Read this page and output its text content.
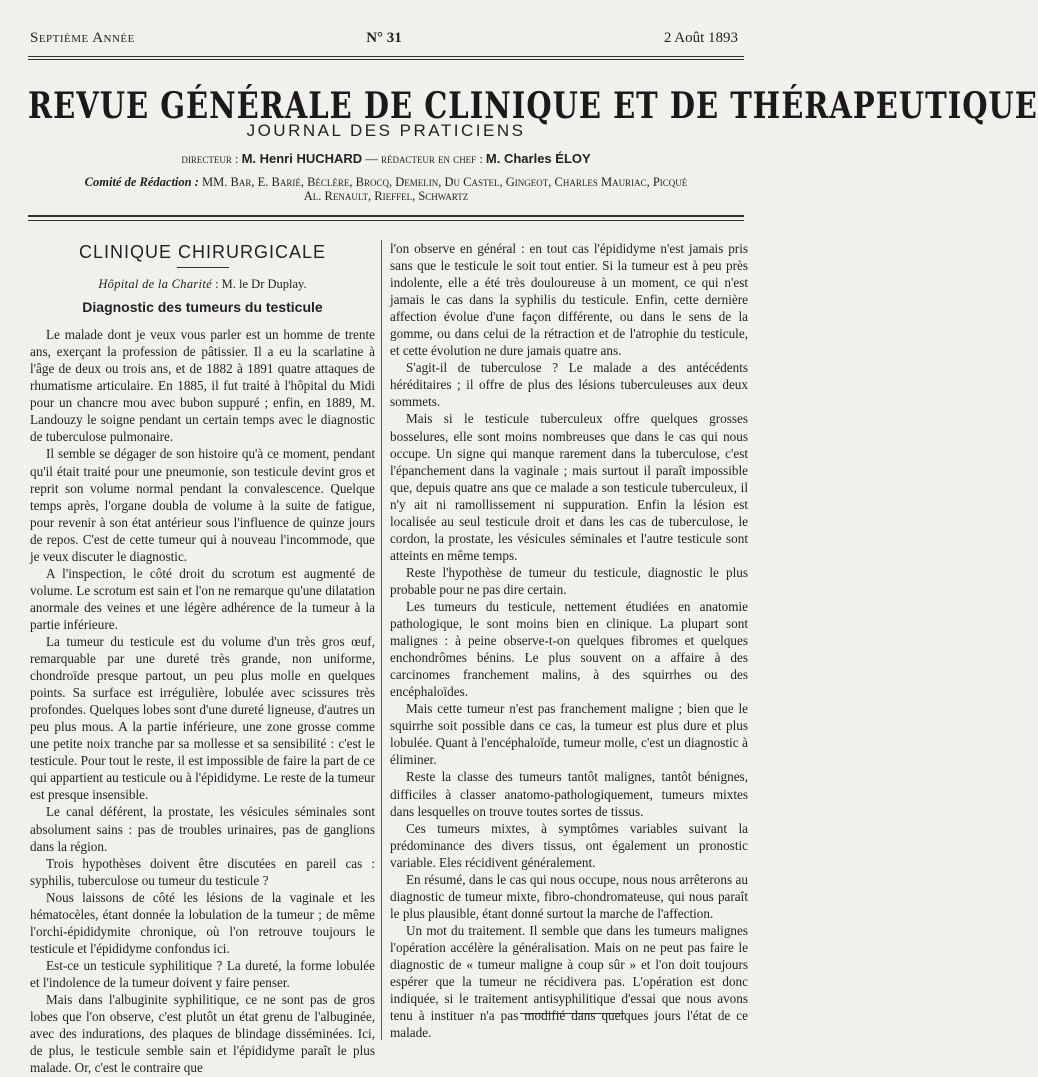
Septième Année	N° 31	2 Août 1893
REVUE GÉNÉRALE DE CLINIQUE ET DE THÉRAPEUTIQUE
JOURNAL DES PRATICIENS
directeur : M. Henri HUCHARD — rédacteur en chef : M. Charles ÉLOY
Comité de Rédaction : MM. Bar, E. Barié, Béclère, Brocq, Demelin, Du Castel, Gingeot, Charles Mauriac, Picqué
Al. Renault, Rieffel, Schwartz
CLINIQUE CHIRURGICALE
Hôpital de la Charité : M. le Dr Duplay.
Diagnostic des tumeurs du testicule

Le malade dont je veux vous parler est un homme de trente ans, exerçant la profession de pâtissier. Il a eu la scarlatine à l'âge de deux ou trois ans, et de 1882 à 1891 quatre attaques de rhumatisme articulaire. En 1885, il fut traité à l'hôpital du Midi pour un chancre mou avec bubon suppuré ; enfin, en 1889, M. Landouzy le soigne pendant un certain temps avec le diagnostic de tuberculose pulmonaire.

Il semble se dégager de son histoire qu'à ce moment, pendant qu'il était traité pour une pneumonie, son testicule devint gros et reprit son volume normal pendant la convalescence. Quelque temps après, l'organe doubla de volume à la suite de fatigue, pour revenir à son état antérieur sous l'influence de quinze jours de repos. C'est de cette tumeur qui à nouveau l'incommode, que je veux discuter le diagnostic.

A l'inspection, le côté droit du scrotum est augmenté de volume. Le scrotum est sain et l'on ne remarque qu'une dilatation anormale des veines et une légère adhérence de la tumeur à la partie inférieure.

La tumeur du testicule est du volume d'un très gros œuf, remarquable par une dureté très grande, non uniforme, chondroïde presque partout, un peu plus molle en quelques points. Sa surface est irrégulière, lobulée avec scissures très profondes. Quelques lobes sont d'une dureté ligneuse, d'autres un peu plus mous. A la partie inférieure, une zone grosse comme une petite noix tranche par sa mollesse et sa sensibilité : c'est le testicule. Pour tout le reste, il est impossible de faire la part de ce qui appartient au testicule ou à l'épididyme. Le reste de la tumeur est presque insensible.

Le canal déférent, la prostate, les vésicules séminales sont absolument sains : pas de troubles urinaires, pas de ganglions dans la région.

Trois hypothèses doivent être discutées en pareil cas : syphilis, tuberculose ou tumeur du testicule ?

Nous laissons de côté les lésions de la vaginale et les hématocèles, étant donnée la lobulation de la tumeur ; de même l'orchi-épididymite chronique, où l'on retrouve toujours le testicule et l'épididyme confondus ici.

Est-ce un testicule syphilitique ? La dureté, la forme lobulée et l'indolence de la tumeur doivent y faire penser.

Mais dans l'albuginite syphilitique, ce ne sont pas de gros lobes que l'on observe, c'est plutôt un état grenu de l'albuginée, avec des indurations, des plaques de blindage disséminées. Ici, de plus, le testicule semble sain et l'épididyme paraît le plus malade. Or, c'est le contraire que

l'on observe en général : en tout cas l'épididyme n'est jamais pris sans que le testicule le soit tout entier. Si la tumeur est à peu près indolente, elle a été très douloureuse à un moment, ce qui n'est jamais le cas dans la syphilis du testicule. Enfin, cette dernière affection évolue d'une façon différente, ou dans le sens de la gomme, ou dans celui de la rétraction et de l'atrophie du testicule, et cette évolution ne dure jamais quatre ans.

S'agit-il de tuberculose ? Le malade a des antécédents héréditaires ; il offre de plus des lésions tuberculeuses aux deux sommets.

Mais si le testicule tuberculeux offre quelques grosses bosselures, elle sont moins nombreuses que dans le cas qui nous occupe. Un signe qui manque rarement dans la tuberculose, c'est l'épanchement dans la vaginale ; mais surtout il paraît impossible que, depuis quatre ans que ce malade a son testicule tuberculeux, il n'y ait ni ramollissement ni suppuration. Enfin la lésion est localisée au seul testicule droit et dans les cas de tuberculose, le cordon, la prostate, les vésicules séminales et l'autre testicule sont atteints en même temps.

Reste l'hypothèse de tumeur du testicule, diagnostic le plus probable pour ne pas dire certain.

Les tumeurs du testicule, nettement étudiées en anatomie pathologique, le sont moins bien en clinique. La plupart sont malignes : à peine observe-t-on quelques fibromes et quelques enchondrômes bénins. Le plus souvent on a affaire à des carcinomes franchement malins, à des squirrhes ou des encéphaloïdes.

Mais cette tumeur n'est pas franchement maligne ; bien que le squirrhe soit possible dans ce cas, la tumeur est plus dure et plus lobulée. Quant à l'encéphaloïde, tumeur molle, c'est un diagnostic à éliminer.

Reste la classe des tumeurs tantôt malignes, tantôt bénignes, difficiles à classer anatomo-pathologiquement, tumeurs mixtes dans lesquelles on trouve toutes sortes de tissus.

Ces tumeurs mixtes, à symptômes variables suivant la prédominance des divers tissus, ont également un pronostic variable. Eles récidivent généralement.

En résumé, dans le cas qui nous occupe, nous nous arrêterons au diagnostic de tumeur mixte, fibro-chondromateuse, qui nous paraît le plus plausible, étant donné surtout la marche de l'affection.

Un mot du traitement. Il semble que dans les tumeurs malignes l'opération accélère la généralisation. Mais on ne peut pas faire le diagnostic de « tumeur maligne à coup sûr » et l'on doit toujours espérer que la tumeur ne récidivera pas. L'opération est donc indiquée, si le traitement antisyphilitique d'essai que nous avons tenu à instituer n'a pas modifié dans quelques jours l'état de ce malade.
